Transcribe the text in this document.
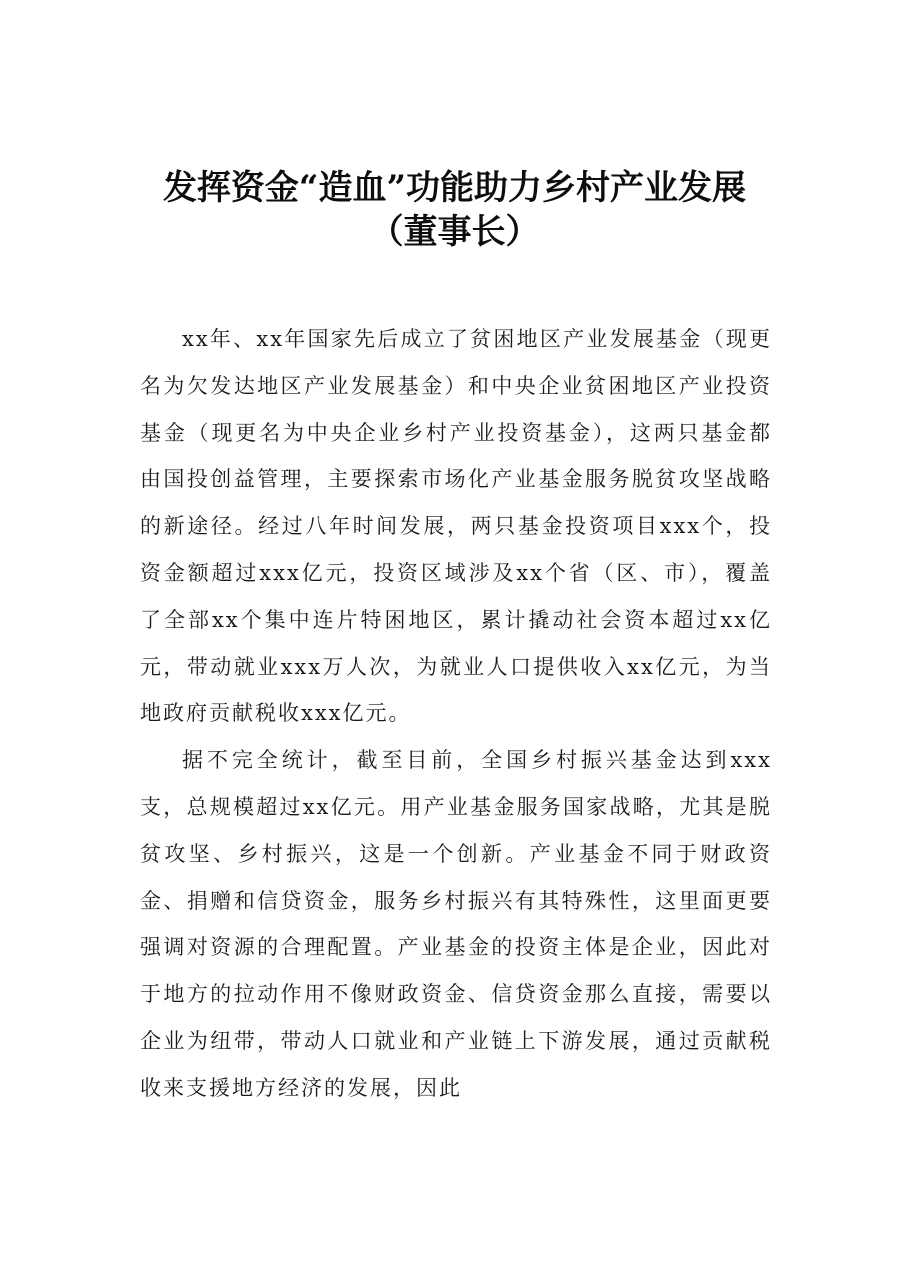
发挥资金“造血”功能助力乡村产业发展
（董事长）

xx年、xx年国家先后成立了贫困地区产业发展基金（现更名为欠发达地区产业发展基金）和中央企业贫困地区产业投资基金（现更名为中央企业乡村产业投资基金），这两只基金都由国投创益管理，主要探索市场化产业基金服务脱贫攻坚战略的新途径。经过八年时间发展，两只基金投资项目xxx个，投资金额超过xxx亿元，投资区域涉及xx个省（区、市），覆盖了全部xx个集中连片特困地区，累计撬动社会资本超过xx亿元，带动就业xxx万人次，为就业人口提供收入xx亿元，为当地政府贡献税收xxx亿元。

据不完全统计，截至目前，全国乡村振兴基金达到xxx支，总规模超过xx亿元。用产业基金服务国家战略，尤其是脱贫攻坚、乡村振兴，这是一个创新。产业基金不同于财政资金、捐赠和信贷资金，服务乡村振兴有其特殊性，这里面更要强调对资源的合理配置。产业基金的投资主体是企业，因此对于地方的拉动作用不像财政资金、信贷资金那么直接，需要以企业为纽带，带动人口就业和产业链上下游发展，通过贡献税收来支援地方经济的发展，因此
